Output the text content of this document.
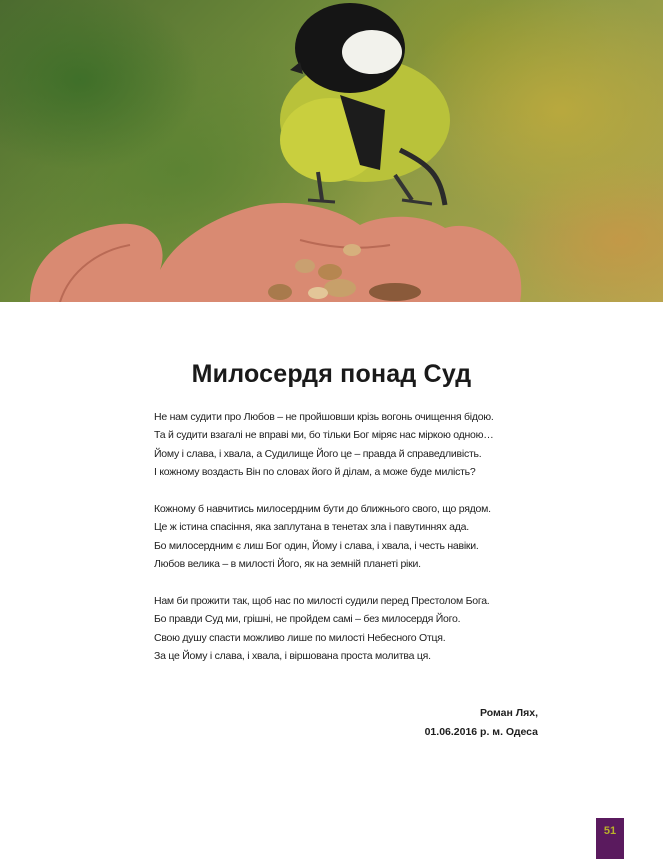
Милосердя понад Суд
Не нам судити про Любов – не пройшовши крізь вогонь очищення бідою.
Та й судити взагалі не вправі ми, бо тільки Бог міряє нас міркою одною…
Йому і слава, і хвала, а Судилище Його це – правда й справедливість.
І кожному воздасть Він по словах його й ділам, а може буде милість?
Кожному б навчитись милосердним бути до ближнього свого, що рядом.
Це ж істина спасіння, яка заплутана в тенетах зла і павутиннях ада.
Бо милосердним є лиш Бог один, Йому і слава, і хвала, і честь навіки.
Любов велика – в милості Його, як на земній планеті ріки.
Нам би прожити так, щоб нас по милості судили перед Престолом Бога.
Бо правди Суд ми, грішні, не пройдем самі – без милосердя Його.
Свою душу спасти можливо лише по милості Небесного Отця.
За це Йому і слава, і хвала, і віршована проста молитва ця.
Роман Лях,
01.06.2016 р. м. Одеса
51
